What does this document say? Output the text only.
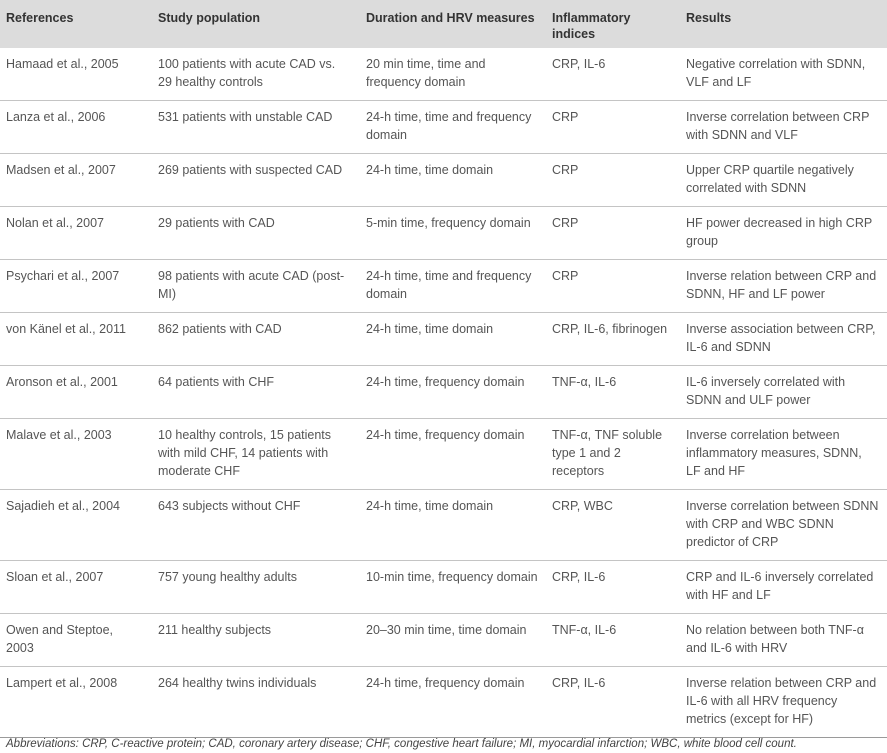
References	Study population	Duration and HRV measures	Inflammatory indices	Results
Hamaad et al., 2005	100 patients with acute CAD vs. 29 healthy controls	20 min time, time and frequency domain	CRP, IL-6	Negative correlation with SDNN, VLF and LF
Lanza et al., 2006	531 patients with unstable CAD	24-h time, time and frequency domain	CRP	Inverse correlation between CRP with SDNN and VLF
Madsen et al., 2007	269 patients with suspected CAD	24-h time, time domain	CRP	Upper CRP quartile negatively correlated with SDNN
Nolan et al., 2007	29 patients with CAD	5-min time, frequency domain	CRP	HF power decreased in high CRP group
Psychari et al., 2007	98 patients with acute CAD (post-MI)	24-h time, time and frequency domain	CRP	Inverse relation between CRP and SDNN, HF and LF power
von Känel et al., 2011	862 patients with CAD	24-h time, time domain	CRP, IL-6, fibrinogen	Inverse association between CRP, IL-6 and SDNN
Aronson et al., 2001	64 patients with CHF	24-h time, frequency domain	TNF-α, IL-6	IL-6 inversely correlated with SDNN and ULF power
Malave et al., 2003	10 healthy controls, 15 patients with mild CHF, 14 patients with moderate CHF	24-h time, frequency domain	TNF-α, TNF soluble type 1 and 2 receptors	Inverse correlation between inflammatory measures, SDNN, LF and HF
Sajadieh et al., 2004	643 subjects without CHF	24-h time, time domain	CRP, WBC	Inverse correlation between SDNN with CRP and WBC SDNN predictor of CRP
Sloan et al., 2007	757 young healthy adults	10-min time, frequency domain	CRP, IL-6	CRP and IL-6 inversely correlated with HF and LF
Owen and Steptoe, 2003	211 healthy subjects	20–30 min time, time domain	TNF-α, IL-6	No relation between both TNF-α and IL-6 with HRV
Lampert et al., 2008	264 healthy twins individuals	24-h time, frequency domain	CRP, IL-6	Inverse relation between CRP and IL-6 with all HRV frequency metrics (except for HF)
Abbreviations: CRP, C-reactive protein; CAD, coronary artery disease; CHF, congestive heart failure; MI, myocardial infarction; WBC, white blood cell count.
